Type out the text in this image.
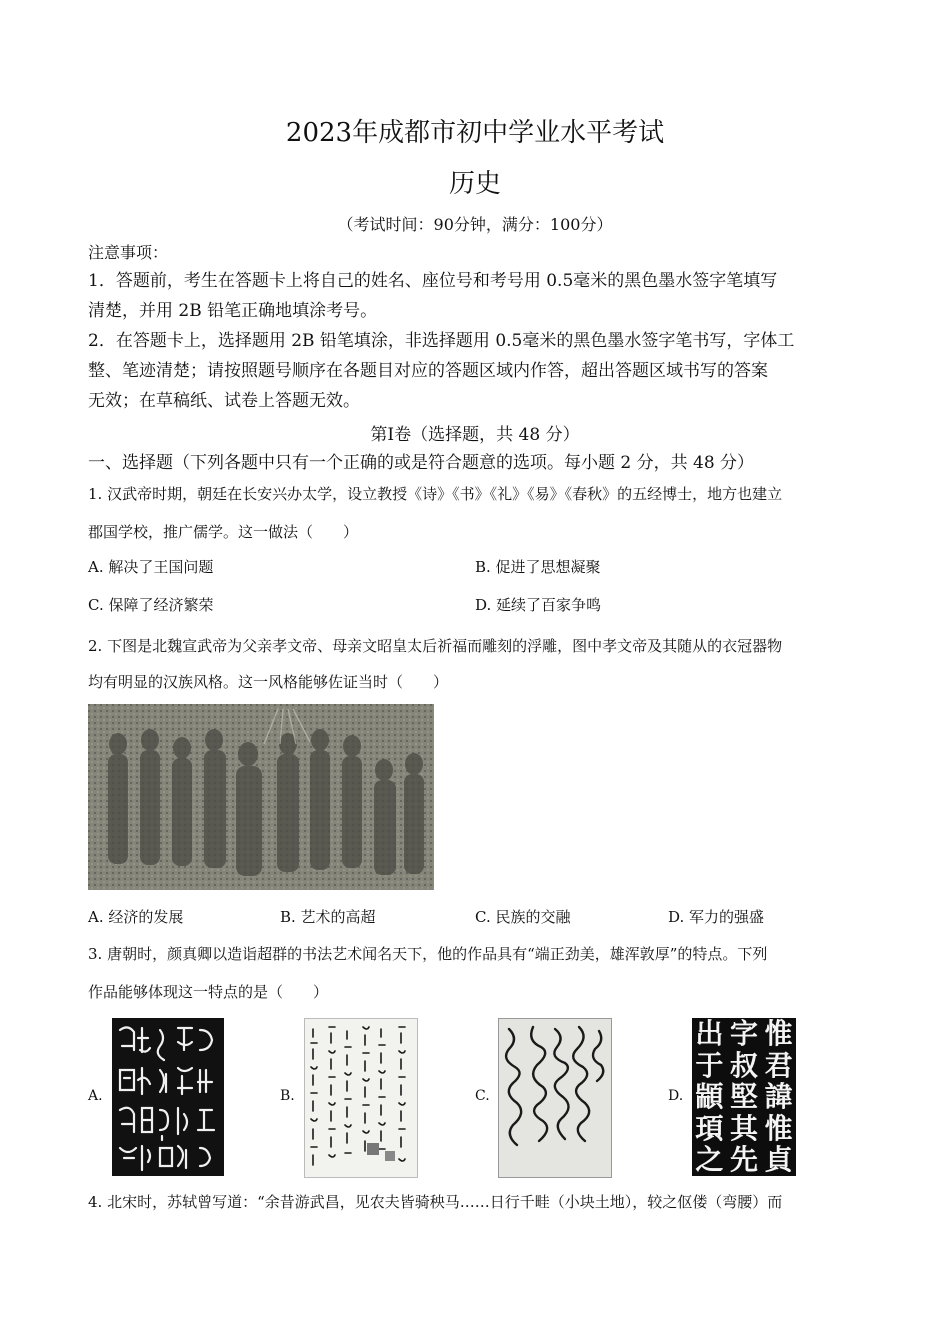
2023年成都市初中学业水平考试
历史
（考试时间：90分钟，满分：100分）
注意事项：
1．答题前，考生在答题卡上将自己的姓名、座位号和考号用 0.5毫米的黑色墨水签字笔填写
清楚，并用 2B 铅笔正确地填涂考号。
2．在答题卡上，选择题用 2B 铅笔填涂，非选择题用 0.5毫米的黑色墨水签字笔书写，字体工
整、笔迹清楚；请按照题号顺序在各题目对应的答题区域内作答，超出答题区域书写的答案
无效；在草稿纸、试卷上答题无效。
第Ⅰ卷（选择题，共 48 分）
一、选择题（下列各题中只有一个正确的或是符合题意的选项。每小题 2 分，共 48 分）
1. 汉武帝时期，朝廷在长安兴办太学，设立教授《诗》《书》《礼》《易》《春秋》的五经博士，地方也建立
郡国学校，推广儒学。这一做法（　　）
A. 解决了王国问题	B. 促进了思想凝聚
C. 保障了经济繁荣	D. 延续了百家争鸣
2. 下图是北魏宣武帝为父亲孝文帝、母亲文昭皇太后祈福而雕刻的浮雕，图中孝文帝及其随从的衣冠器物
均有明显的汉族风格。这一风格能够佐证当时（　　）
A. 经济的发展	B. 艺术的高超	C. 民族的交融	D. 军力的强盛
3. 唐朝时，颜真卿以造诣超群的书法艺术闻名天下，他的作品具有“端正劲美，雄浑敦厚”的特点。下列
作品能够体现这一特点的是（　　）
A.	B.	C.	D.
出
于
顓
頊
之
字
叔
堅
其
先
惟
君
諱
惟
貞
4. 北宋时，苏轼曾写道：“余昔游武昌，见农夫皆骑秧马……日行千畦（小块土地），较之伛偻（弯腰）而
